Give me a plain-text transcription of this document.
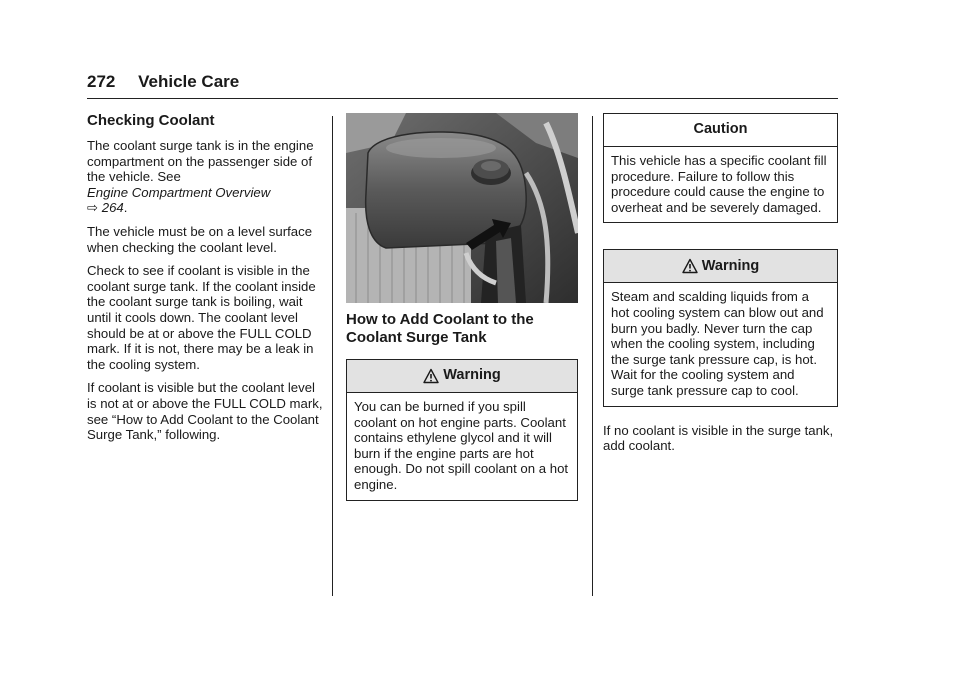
272 Vehicle Care
Checking Coolant

The coolant surge tank is in the engine compartment on the passenger side of the vehicle. See
Engine Compartment Overview
⇨ 264.

The vehicle must be on a level surface when checking the coolant level.

Check to see if coolant is visible in the coolant surge tank. If the coolant inside the coolant surge tank is boiling, wait until it cools down. The coolant level should be at or above the FULL COLD mark. If it is not, there may be a leak in the cooling system.

If coolant is visible but the coolant level is not at or above the FULL COLD mark, see “How to Add Coolant to the Coolant Surge Tank,” following.

How to Add Coolant to the Coolant Surge Tank
Warning
You can be burned if you spill coolant on hot engine parts. Coolant contains ethylene glycol and it will burn if the engine parts are hot enough. Do not spill coolant on a hot engine.
Caution
This vehicle has a specific coolant fill procedure. Failure to follow this procedure could cause the engine to overheat and be severely damaged.
Warning
Steam and scalding liquids from a hot cooling system can blow out and burn you badly. Never turn the cap when the cooling system, including the surge tank pressure cap, is hot. Wait for the cooling system and surge tank pressure cap to cool.

If no coolant is visible in the surge tank, add coolant.
